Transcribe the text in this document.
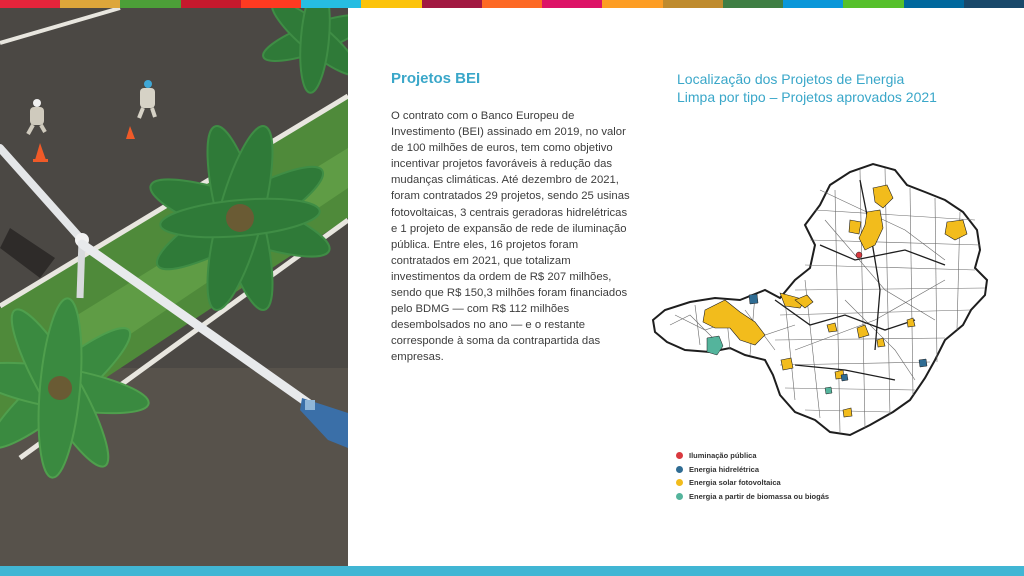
Projetos BEI

O contrato com o Banco Europeu de Investimento (BEI) assinado em 2019, no valor de 100 milhões de euros, tem como objetivo incentivar projetos favoráveis à redução das mudanças climáticas. Até dezembro de 2021, foram contratados 29 projetos, sendo 25 usinas fotovoltaicas, 3 centrais geradoras hidrelétricas e 1 projeto de expansão de rede de iluminação pública. Entre eles, 16 projetos foram contratados em 2021, que totalizam investimentos da ordem de R$ 207 milhões, sendo que R$ 150,3 milhões foram financiados pelo BDMG — com R$ 112 milhões desembolsados no ano — e o restante corresponde à soma da contrapartida das empresas.

Localização dos Projetos de Energia Limpa por tipo – Projetos aprovados 2021
Iluminação pública
Energia hidrelétrica
Energia solar fotovoltaica
Energia a partir de biomassa ou biogás
